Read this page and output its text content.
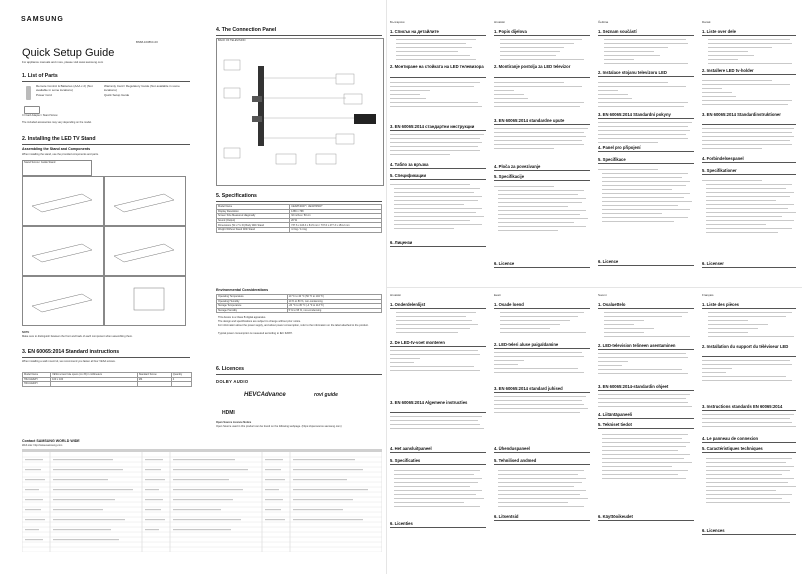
SAMSUNG
BN68-10386C-00
Quick Setup Guide
For appliance manuals and more, please visit www.samsung.com
1. List of Parts
Remote Control & Batteries (AAA x 2) (Not available in some locations)
Power Cord
Warranty Card / Regulatory Guide (Not available in some locations)
Quick Setup Guide
CI Card Adapter / Stand Screw
The included accessories may vary depending on the model.
2. Installing the LED TV Stand
Assembling the Stand and Components
When installing the stand, use the provided components and parts.
Stand Screw / Guide Stand
NOTE
Make sure to distinguish between the front and back of each component when assembling them.
3. EN 60065:2014 Standard instructions
When installing a wall mount kit, we recommend you fasten all four VESA screws.
Model Name	VESA screw hole specs (A x B) in millimeters	Standard Screw	Quantity
H32-UE32H	100 x 100	M4	4
H40-UE40H			
Contact SAMSUNG WORLD WIDE
Web site: http://www.samsung.com
4. The Connection Panel
BACK OF TELEVISION
5. Specifications
Model Name	UE32H4000* / UE32H4500*
Display Resolution	1366 x 768
Screen Size Measured diagonally	32 inches / 80 cm
Sound (Output)	20 W
Dimensions (W x H x D) Body With Stand	737.6 x 443.3 x 81.5 mm / 737.6 x 477.3 x 154.2 mm
Weight Without Stand With Stand	4.3 kg / 4.4 kg
Environmental Considerations
Operating Temperature	10 °C to 40 °C (50 °F to 104 °F)
Operating Humidity	10 % to 80 %, non-condensing
Storage Temperature	-20 °C to 45 °C (-4 °F to 113 °F)
Storage Humidity	5 % to 95 %, non-condensing
This device is a Class B digital apparatus.
The design and specifications are subject to change without prior notice.
For information about the power supply, and about power consumption, refer to the information on the label attached to the product.
Typical power consumption is measured according to IEC 62087.
6. Licences
DOLBY AUDIO
HEVCAdvance	rovi guide
HDMI
Open Source Licence Notice
Open Source used in this product can be found on the following webpage. (https://opensource.samsung.com)
Български
1. Списък на детайлите
2. Монтиране на стойката на LED телевизора
3. EN 60065:2014 стандартни инструкции
4. Табло за връзка
5. Спецификации
6. Лицензи
Hrvatski
1. Onderdelenlijst
2. De LED-tv-voet monteren
3. EN 60065:2014 Algemene instructies
4. Het aansluitpaneel
5. Specificaties
6. Licenties
Hrvatski
1. Popis dijelova
2. Montiranje postolja za LED televizor
3. EN 60065:2014 standardne upute
4. Ploča za povezivanje
5. Specifikacije
6. Licence
Eesti
1. Osade loend
2. LED-teleri aluse paigaldamine
3. EN 60065:2014 standard juhised
4. Ühenduspaneel
5. Tehnilised andmed
6. Litsentsid
Čeština
1. Seznam součástí
2. Instalace stojanu televizoru LED
3. EN 60065:2014 Standardní pokyny
4. Panel pro připojení
5. Specifikace
6. Licence
Suomi
1. Osaluettelo
2. LED-television telineen asentaminen
3. EN 60065:2014-standardin ohjeet
4. Liitäntäpaneeli
5. Tekniset tiedot
6. Käyttöoikeudet
Dansk
1. Liste over dele
2. Installere LED tv-holder
3. EN 60065:2014 Standardinstruktioner
4. Forbindelsespanel
5. Specifikationer
6. Licenser
Français
1. Liste des pièces
2. Installation du support du téléviseur LED
3. Instructions standards EN 60065:2014
4. Le panneau de connexion
5. Caractéristiques techniques
6. Licences
